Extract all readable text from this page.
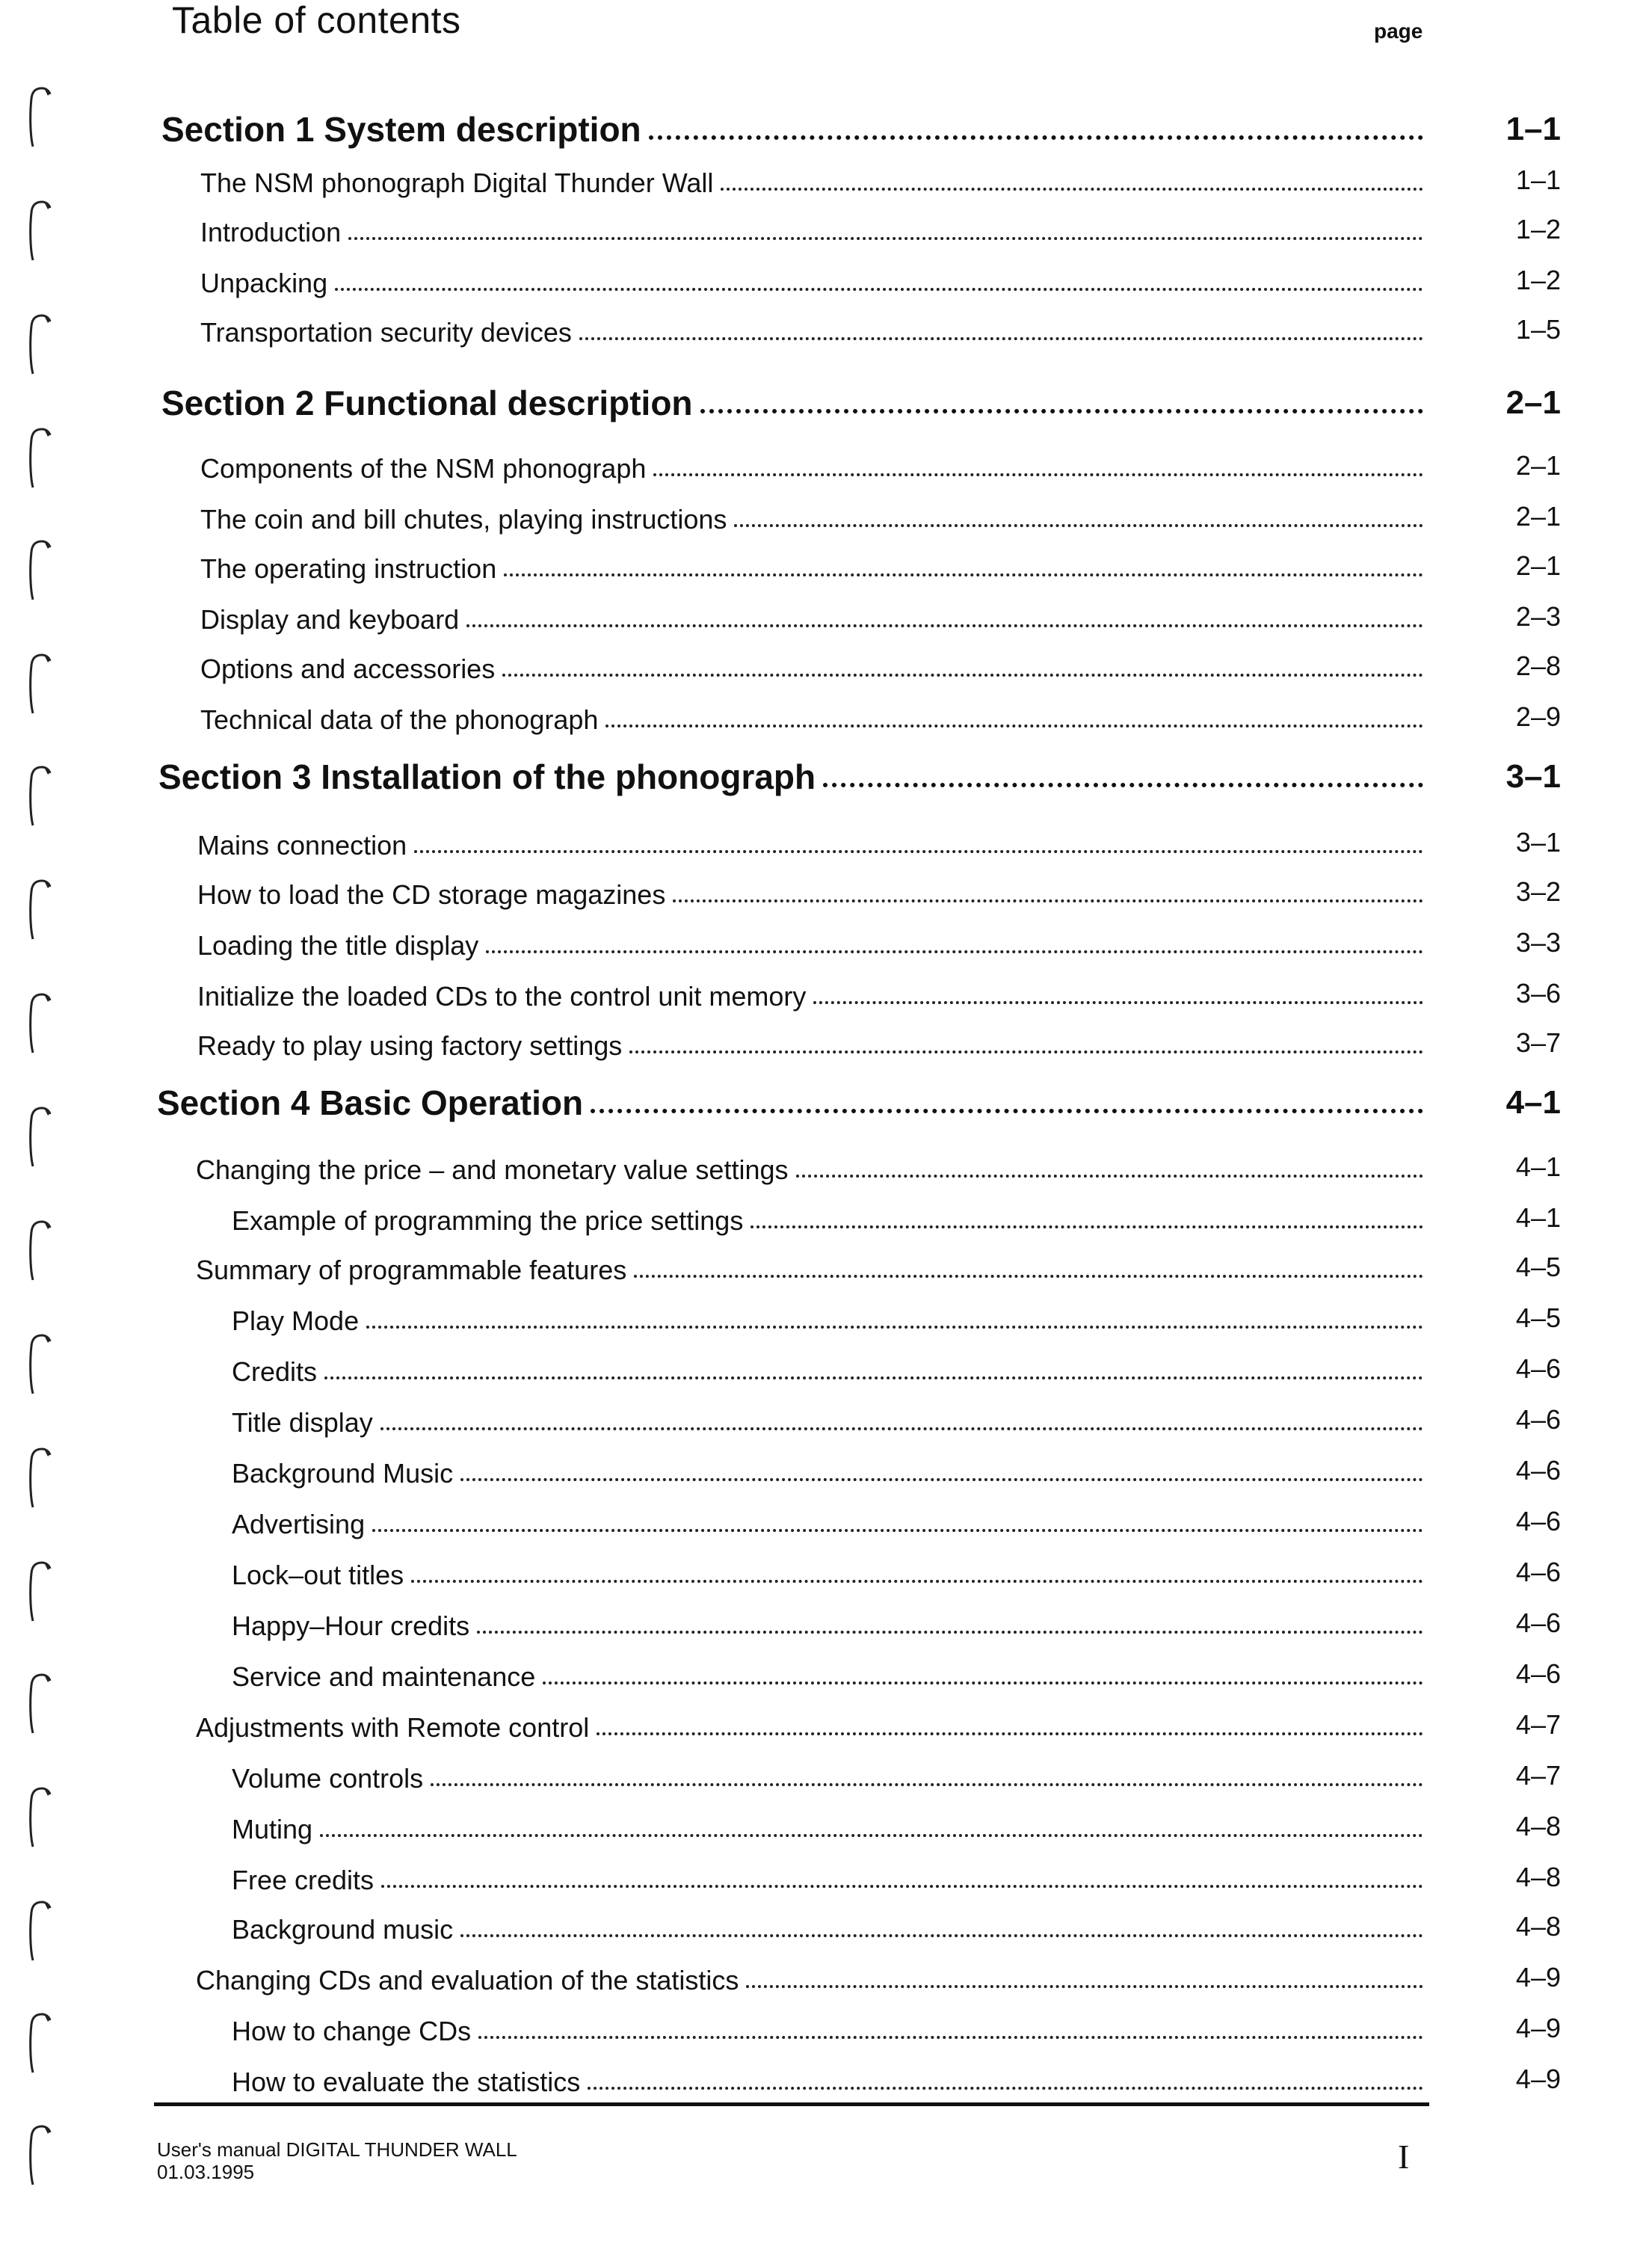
Table of contents	page
Section 1 System description	1–1
The NSM phonograph Digital Thunder Wall	1–1
Introduction	1–2
Unpacking	1–2
Transportation security devices	1–5
Section 2 Functional description	2–1
Components of the NSM phonograph	2–1
The coin and bill chutes, playing instructions	2–1
The operating instruction	2–1
Display and keyboard	2–3
Options and accessories	2–8
Technical data of the phonograph	2–9
Section 3 Installation of the phonograph	3–1
Mains connection	3–1
How to load the CD storage magazines	3–2
Loading the title display	3–3
Initialize the loaded CDs to the control unit memory	3–6
Ready to play using factory settings	3–7
Section 4 Basic Operation	4–1
Changing the price – and monetary value settings	4–1
Example of programming the price settings	4–1
Summary of programmable features	4–5
Play Mode	4–5
Credits	4–6
Title display	4–6
Background Music	4–6
Advertising	4–6
Lock–out titles	4–6
Happy–Hour credits	4–6
Service and maintenance	4–6
Adjustments with Remote control	4–7
Volume controls	4–7
Muting	4–8
Free credits	4–8
Background music	4–8
Changing CDs and evaluation of the statistics	4–9
How to change CDs	4–9
How to evaluate the statistics	4–9
User's manual DIGITAL THUNDER WALL
01.03.1995	I
